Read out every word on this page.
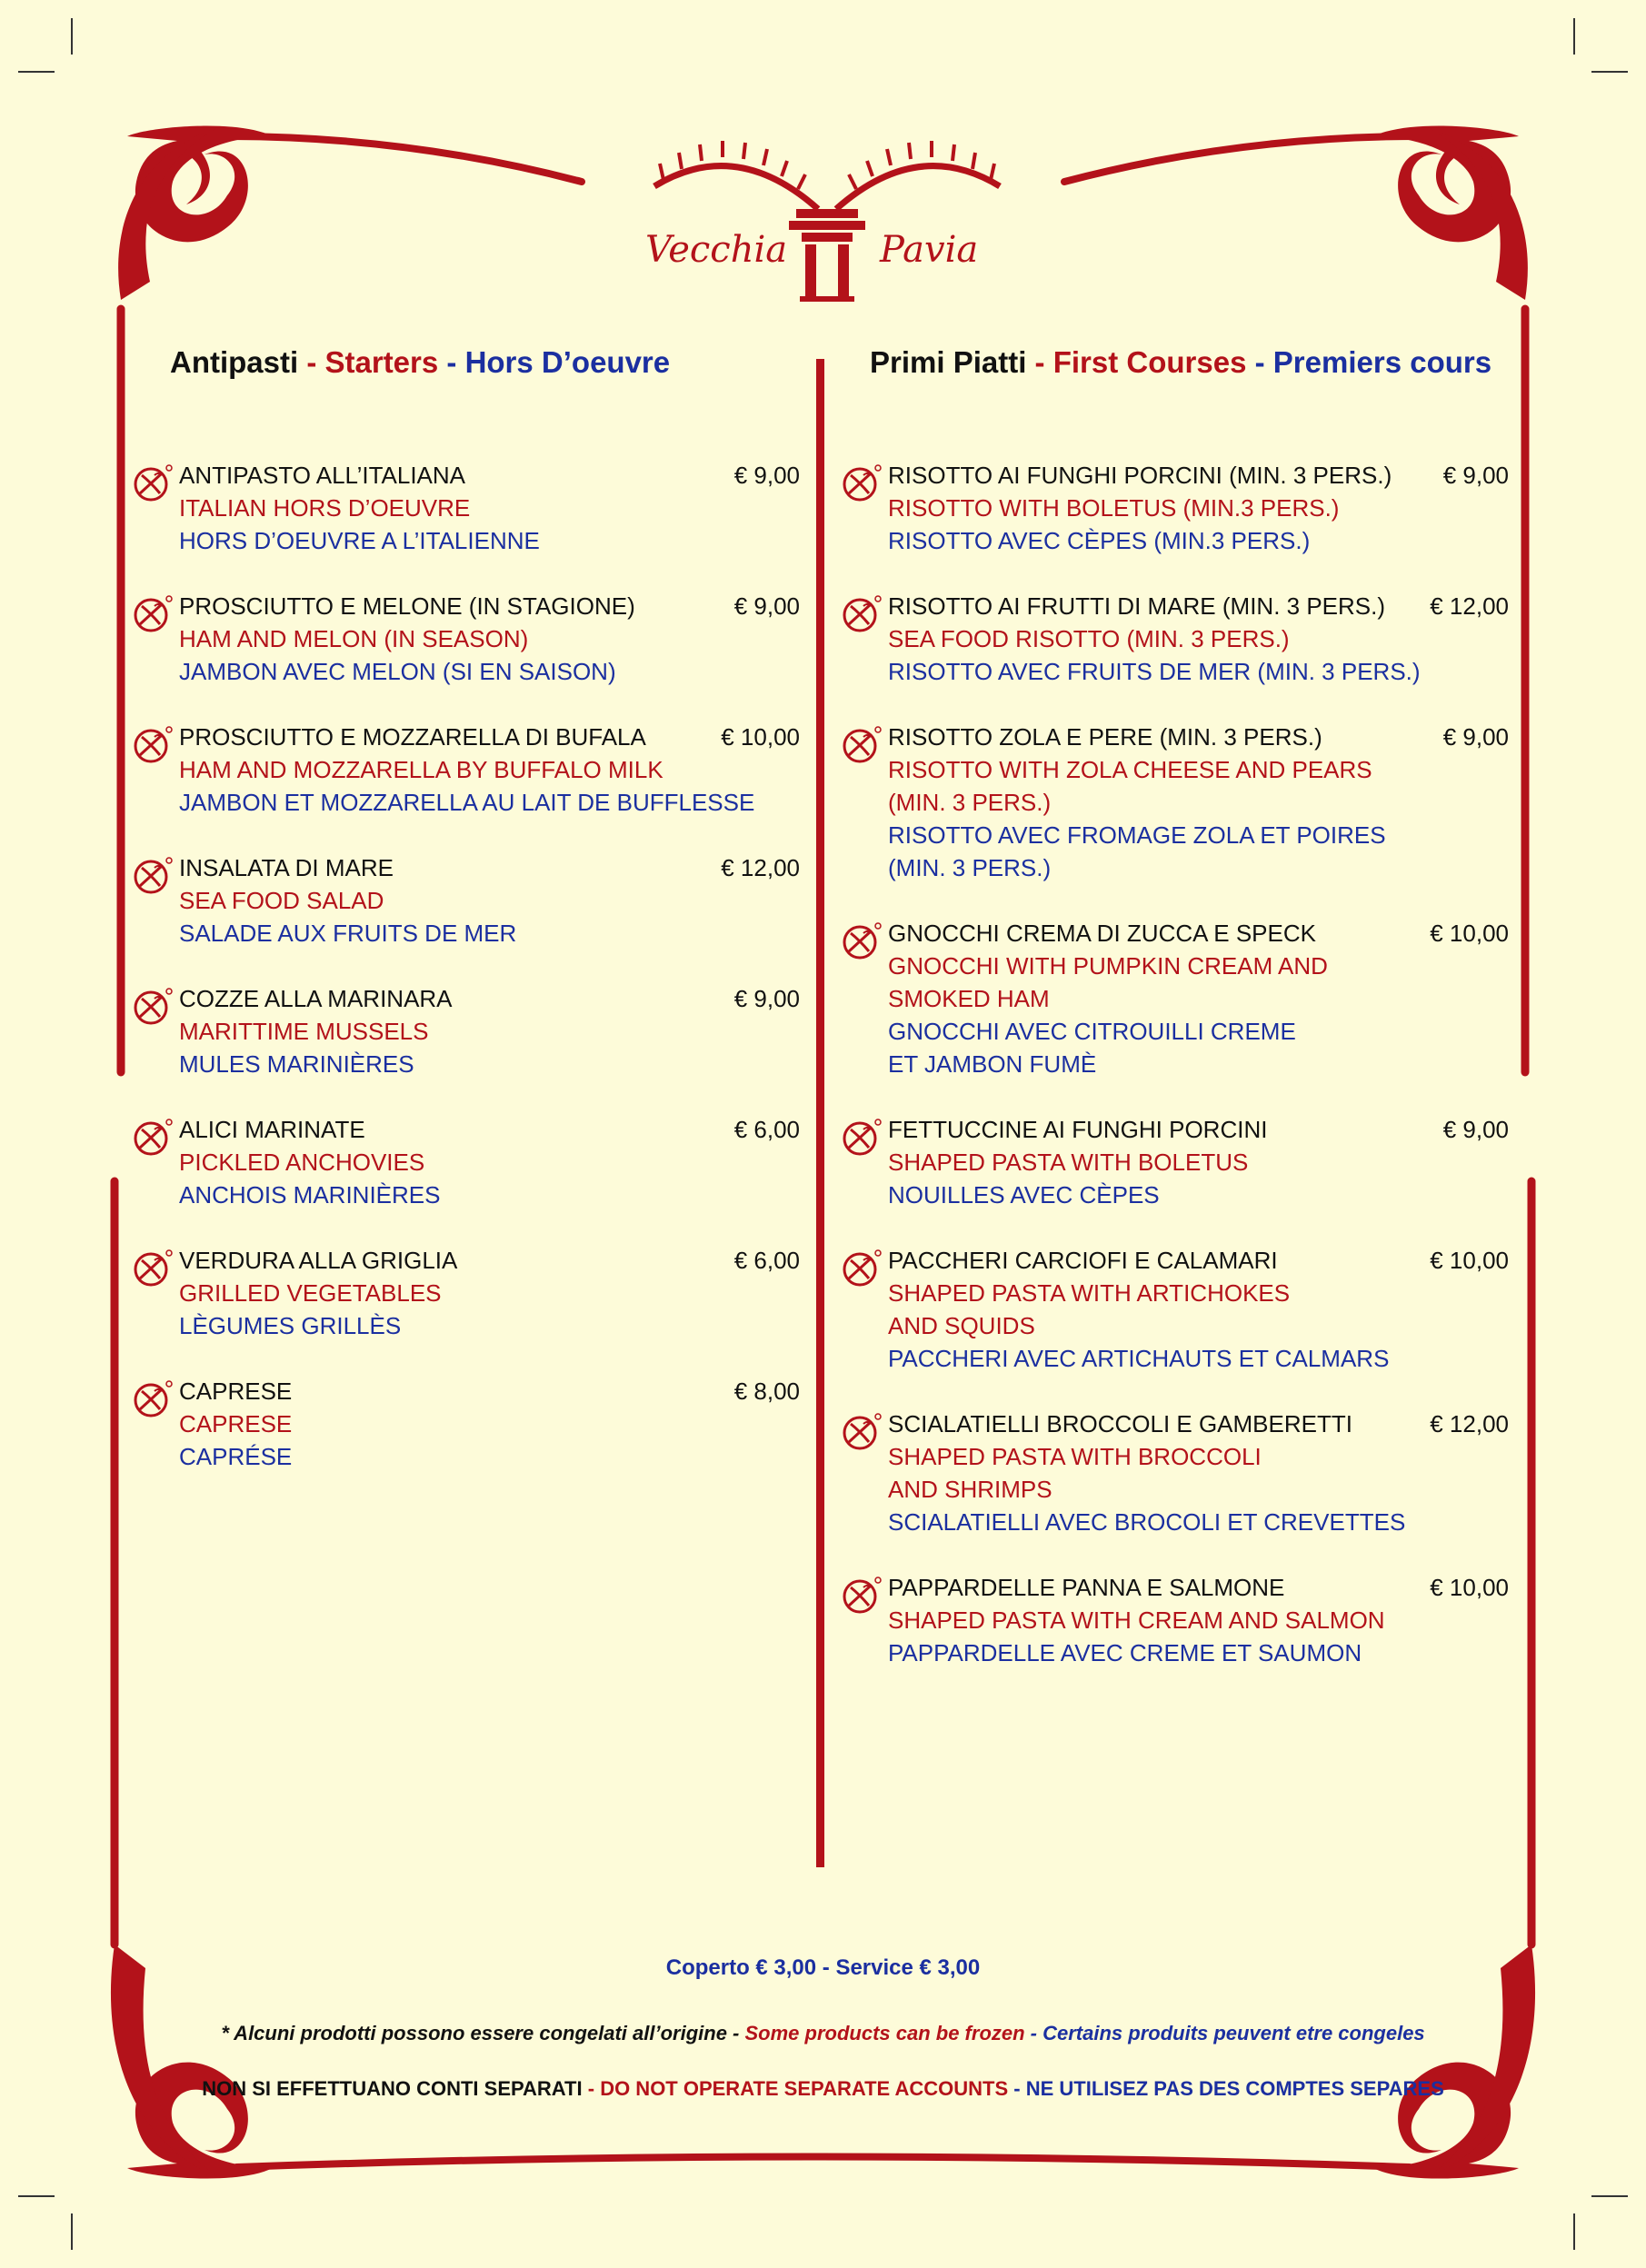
Vecchia	Pavia
Antipasti - Starters - Hors D’oeuvre
ANTIPASTO ALL’ITALIANA	€ 9,00
ITALIAN HORS D’OEUVRE
HORS D’OEUVRE A L’ITALIENNE
PROSCIUTTO E MELONE (IN STAGIONE)	€ 9,00
HAM AND MELON (IN SEASON)
JAMBON AVEC MELON (SI EN SAISON)
PROSCIUTTO E MOZZARELLA DI BUFALA	€ 10,00
HAM AND MOZZARELLA BY BUFFALO MILK
JAMBON ET MOZZARELLA AU LAIT DE BUFFLESSE
INSALATA DI MARE	€ 12,00
SEA FOOD SALAD
SALADE AUX FRUITS DE MER
COZZE ALLA MARINARA	€ 9,00
MARITTIME MUSSELS
MULES MARINIÈRES
ALICI MARINATE	€ 6,00
PICKLED ANCHOVIES
ANCHOIS MARINIÈRES
VERDURA ALLA GRIGLIA	€ 6,00
GRILLED VEGETABLES
LÈGUMES GRILLÈS
CAPRESE	€ 8,00
CAPRESE
CAPRÉSE
Primi Piatti - First Courses - Premiers cours
RISOTTO AI FUNGHI PORCINI (MIN. 3 PERS.) € 9,00
RISOTTO WITH BOLETUS (MIN.3 PERS.)
RISOTTO AVEC CÈPES (MIN.3 PERS.)
RISOTTO AI FRUTTI DI MARE (MIN. 3 PERS.) € 12,00
SEA FOOD RISOTTO (MIN. 3 PERS.)
RISOTTO AVEC FRUITS DE MER (MIN. 3 PERS.)
RISOTTO ZOLA E PERE (MIN. 3 PERS.)	€ 9,00
RISOTTO WITH ZOLA CHEESE AND PEARS
(MIN. 3 PERS.)
RISOTTO AVEC FROMAGE ZOLA ET POIRES
(MIN. 3 PERS.)
GNOCCHI CREMA DI ZUCCA E SPECK	€ 10,00
GNOCCHI WITH PUMPKIN CREAM AND
SMOKED HAM
GNOCCHI AVEC CITROUILLI CREME
ET JAMBON FUMÈ
FETTUCCINE AI FUNGHI PORCINI	€ 9,00
SHAPED PASTA WITH BOLETUS
NOUILLES AVEC CÈPES
PACCHERI CARCIOFI E CALAMARI	€ 10,00
SHAPED PASTA WITH ARTICHOKES
AND SQUIDS
PACCHERI AVEC ARTICHAUTS ET CALMARS
SCIALATIELLI BROCCOLI E GAMBERETTI	€ 12,00
SHAPED PASTA WITH BROCCOLI
AND SHRIMPS
SCIALATIELLI AVEC BROCOLI ET CREVETTES
PAPPARDELLE PANNA E SALMONE	€ 10,00
SHAPED PASTA WITH CREAM AND SALMON
PAPPARDELLE AVEC CREME ET SAUMON
Coperto € 3,00 - Service € 3,00
* Alcuni prodotti possono essere congelati all’origine - Some products can be frozen - Certains produits peuvent etre congeles
NON SI EFFETTUANO CONTI SEPARATI - DO NOT OPERATE SEPARATE ACCOUNTS - NE UTILISEZ PAS DES COMPTES SEPARES
